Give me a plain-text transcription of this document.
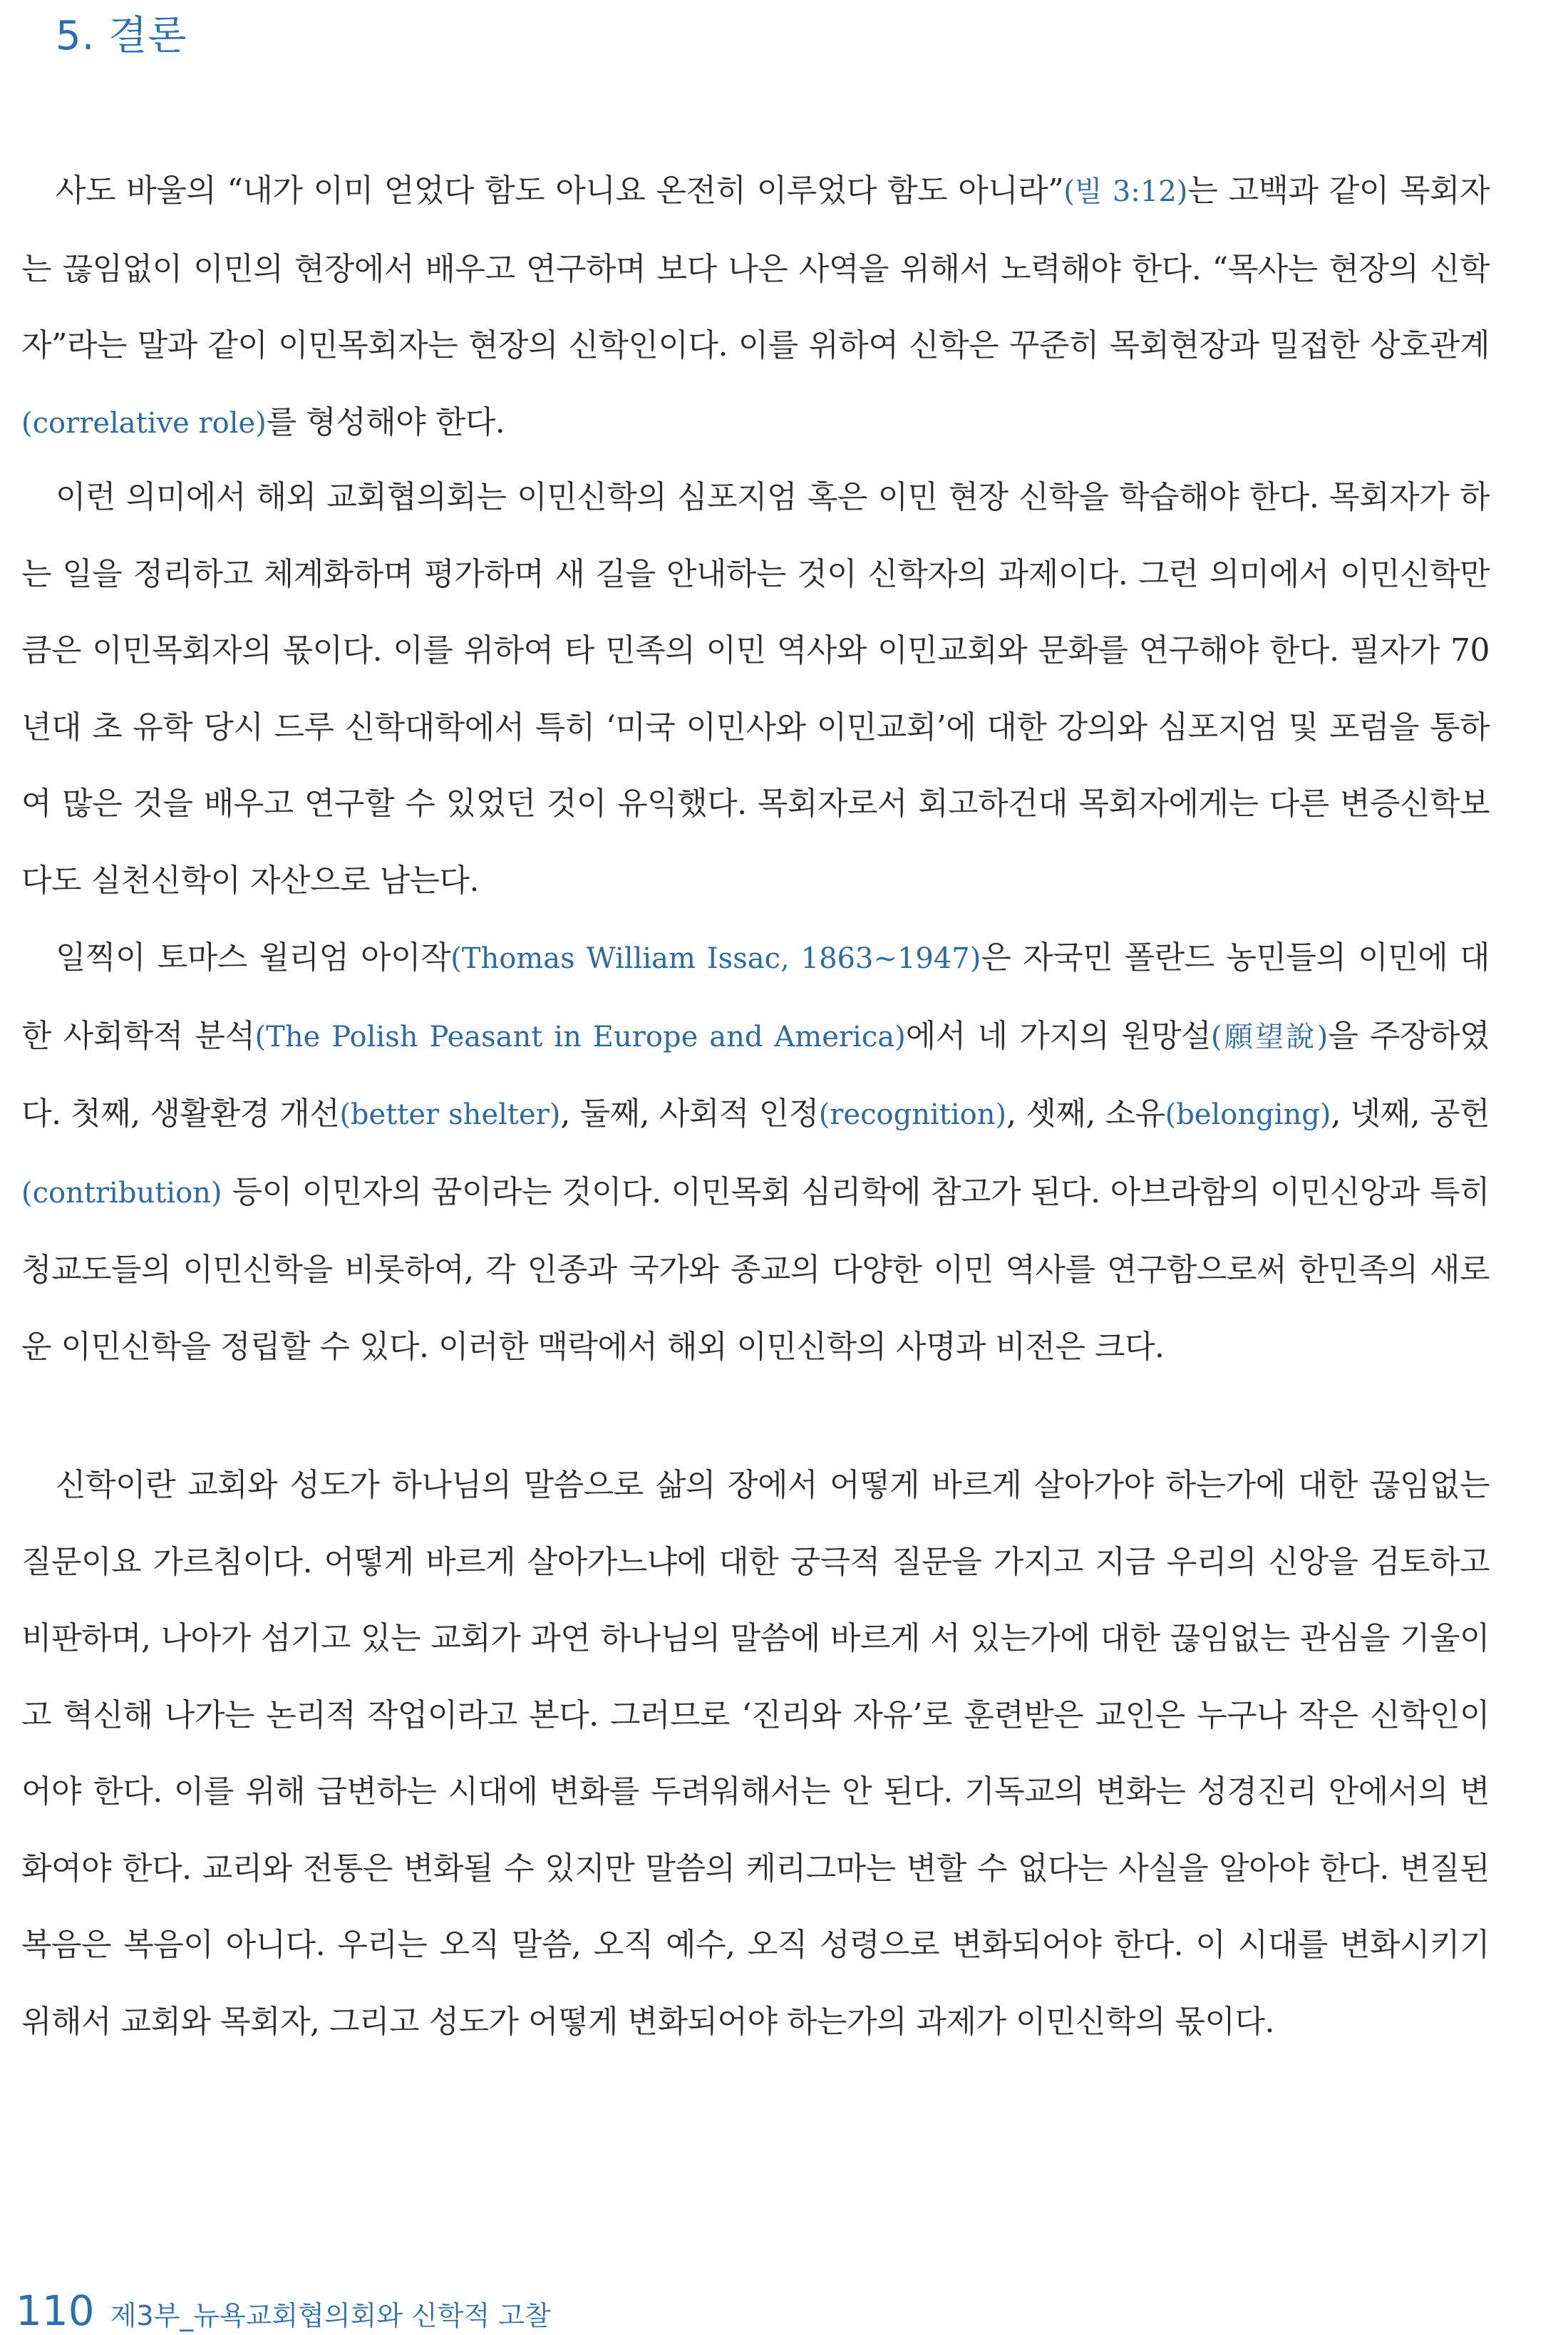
5. 결론

사도 바울의 “내가 이미 얻었다 함도 아니요 온전히 이루었다 함도 아니라”(빌 3:12)는 고백과 같이 목회자는 끊임없이 이민의 현장에서 배우고 연구하며 보다 나은 사역을 위해서 노력해야 한다. “목사는 현장의 신학자”라는 말과 같이 이민목회자는 현장의 신학인이다. 이를 위하여 신학은 꾸준히 목회현장과 밀접한 상호관계(correlative role)를 형성해야 한다.

이런 의미에서 해외 교회협의회는 이민신학의 심포지엄 혹은 이민 현장 신학을 학습해야 한다. 목회자가 하는 일을 정리하고 체계화하며 평가하며 새 길을 안내하는 것이 신학자의 과제이다. 그런 의미에서 이민신학만큼은 이민목회자의 몫이다. 이를 위하여 타 민족의 이민 역사와 이민교회와 문화를 연구해야 한다. 필자가 70년대 초 유학 당시 드루 신학대학에서 특히 ‘미국 이민사와 이민교회’에 대한 강의와 심포지엄 및 포럼을 통하여 많은 것을 배우고 연구할 수 있었던 것이 유익했다. 목회자로서 회고하건대 목회자에게는 다른 변증신학보다도 실천신학이 자산으로 남는다.

일찍이 토마스 윌리엄 아이작(Thomas William Issac, 1863~1947)은 자국민 폴란드 농민들의 이민에 대한 사회학적 분석(The Polish Peasant in Europe and America)에서 네 가지의 원망설(願望說)을 주장하였다. 첫째, 생활환경 개선(better shelter), 둘째, 사회적 인정(recognition), 셋째, 소유(belonging), 넷째, 공헌(contribution) 등이 이민자의 꿈이라는 것이다. 이민목회 심리학에 참고가 된다. 아브라함의 이민신앙과 특히 청교도들의 이민신학을 비롯하여, 각 인종과 국가와 종교의 다양한 이민 역사를 연구함으로써 한민족의 새로운 이민신학을 정립할 수 있다. 이러한 맥락에서 해외 이민신학의 사명과 비전은 크다.

신학이란 교회와 성도가 하나님의 말씀으로 삶의 장에서 어떻게 바르게 살아가야 하는가에 대한 끊임없는 질문이요 가르침이다. 어떻게 바르게 살아가느냐에 대한 궁극적 질문을 가지고 지금 우리의 신앙을 검토하고 비판하며, 나아가 섬기고 있는 교회가 과연 하나님의 말씀에 바르게 서 있는가에 대한 끊임없는 관심을 기울이고 혁신해 나가는 논리적 작업이라고 본다. 그러므로 ‘진리와 자유’로 훈련받은 교인은 누구나 작은 신학인이어야 한다. 이를 위해 급변하는 시대에 변화를 두려워해서는 안 된다. 기독교의 변화는 성경진리 안에서의 변화여야 한다. 교리와 전통은 변화될 수 있지만 말씀의 케리그마는 변할 수 없다는 사실을 알아야 한다. 변질된 복음은 복음이 아니다. 우리는 오직 말씀, 오직 예수, 오직 성령으로 변화되어야 한다. 이 시대를 변화시키기 위해서 교회와 목회자, 그리고 성도가 어떻게 변화되어야 하는가의 과제가 이민신학의 몫이다.

110 제3부_뉴욕교회협의회와 신학적 고찰
